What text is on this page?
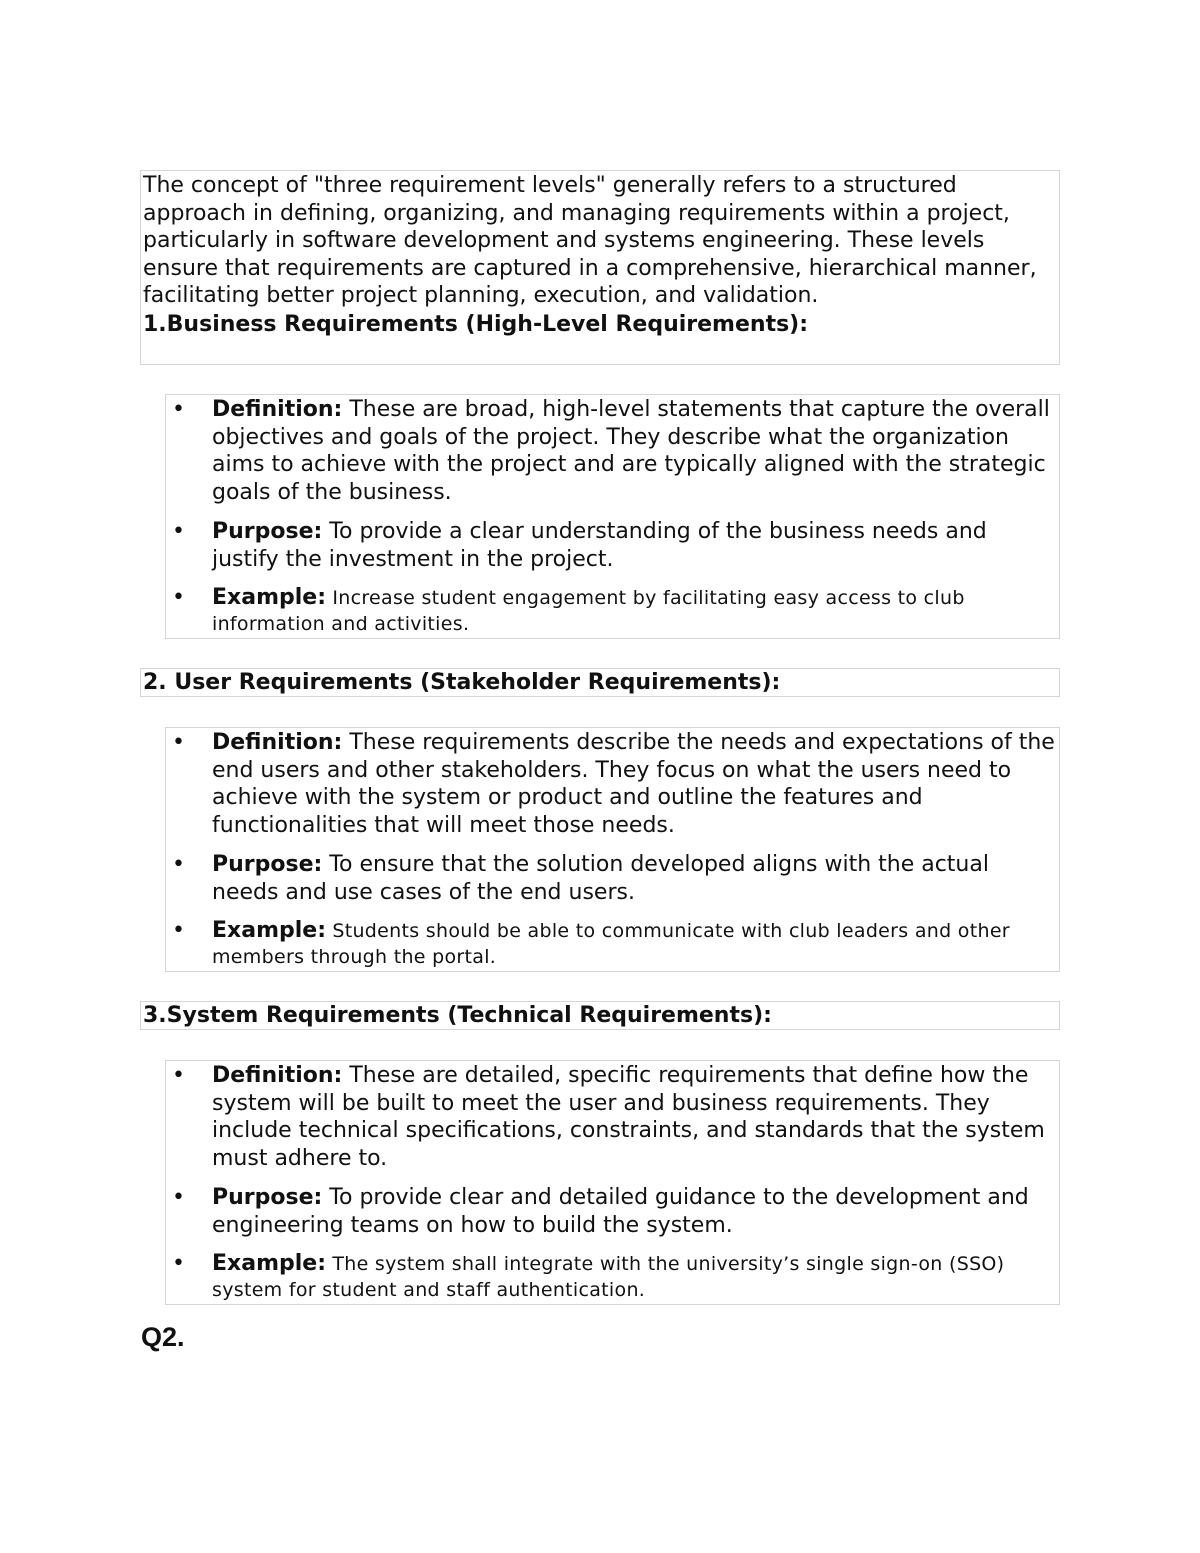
The concept of "three requirement levels" generally refers to a structured approach in defining, organizing, and managing requirements within a project, particularly in software development and systems engineering. These levels ensure that requirements are captured in a comprehensive, hierarchical manner, facilitating better project planning, execution, and validation.

1.Business Requirements (High-Level Requirements):
• Definition: These are broad, high-level statements that capture the overall objectives and goals of the project. They describe what the organization aims to achieve with the project and are typically aligned with the strategic goals of the business.
• Purpose: To provide a clear understanding of the business needs and justify the investment in the project.
• Example: Increase student engagement by facilitating easy access to club information and activities.
2. User Requirements (Stakeholder Requirements):
• Definition: These requirements describe the needs and expectations of the end users and other stakeholders. They focus on what the users need to achieve with the system or product and outline the features and functionalities that will meet those needs.
• Purpose: To ensure that the solution developed aligns with the actual needs and use cases of the end users.
• Example: Students should be able to communicate with club leaders and other members through the portal.
3.System Requirements (Technical Requirements):
• Definition: These are detailed, specific requirements that define how the system will be built to meet the user and business requirements. They include technical specifications, constraints, and standards that the system must adhere to.
• Purpose: To provide clear and detailed guidance to the development and engineering teams on how to build the system.
• Example: The system shall integrate with the university’s single sign-on (SSO) system for student and staff authentication.
Q2.
